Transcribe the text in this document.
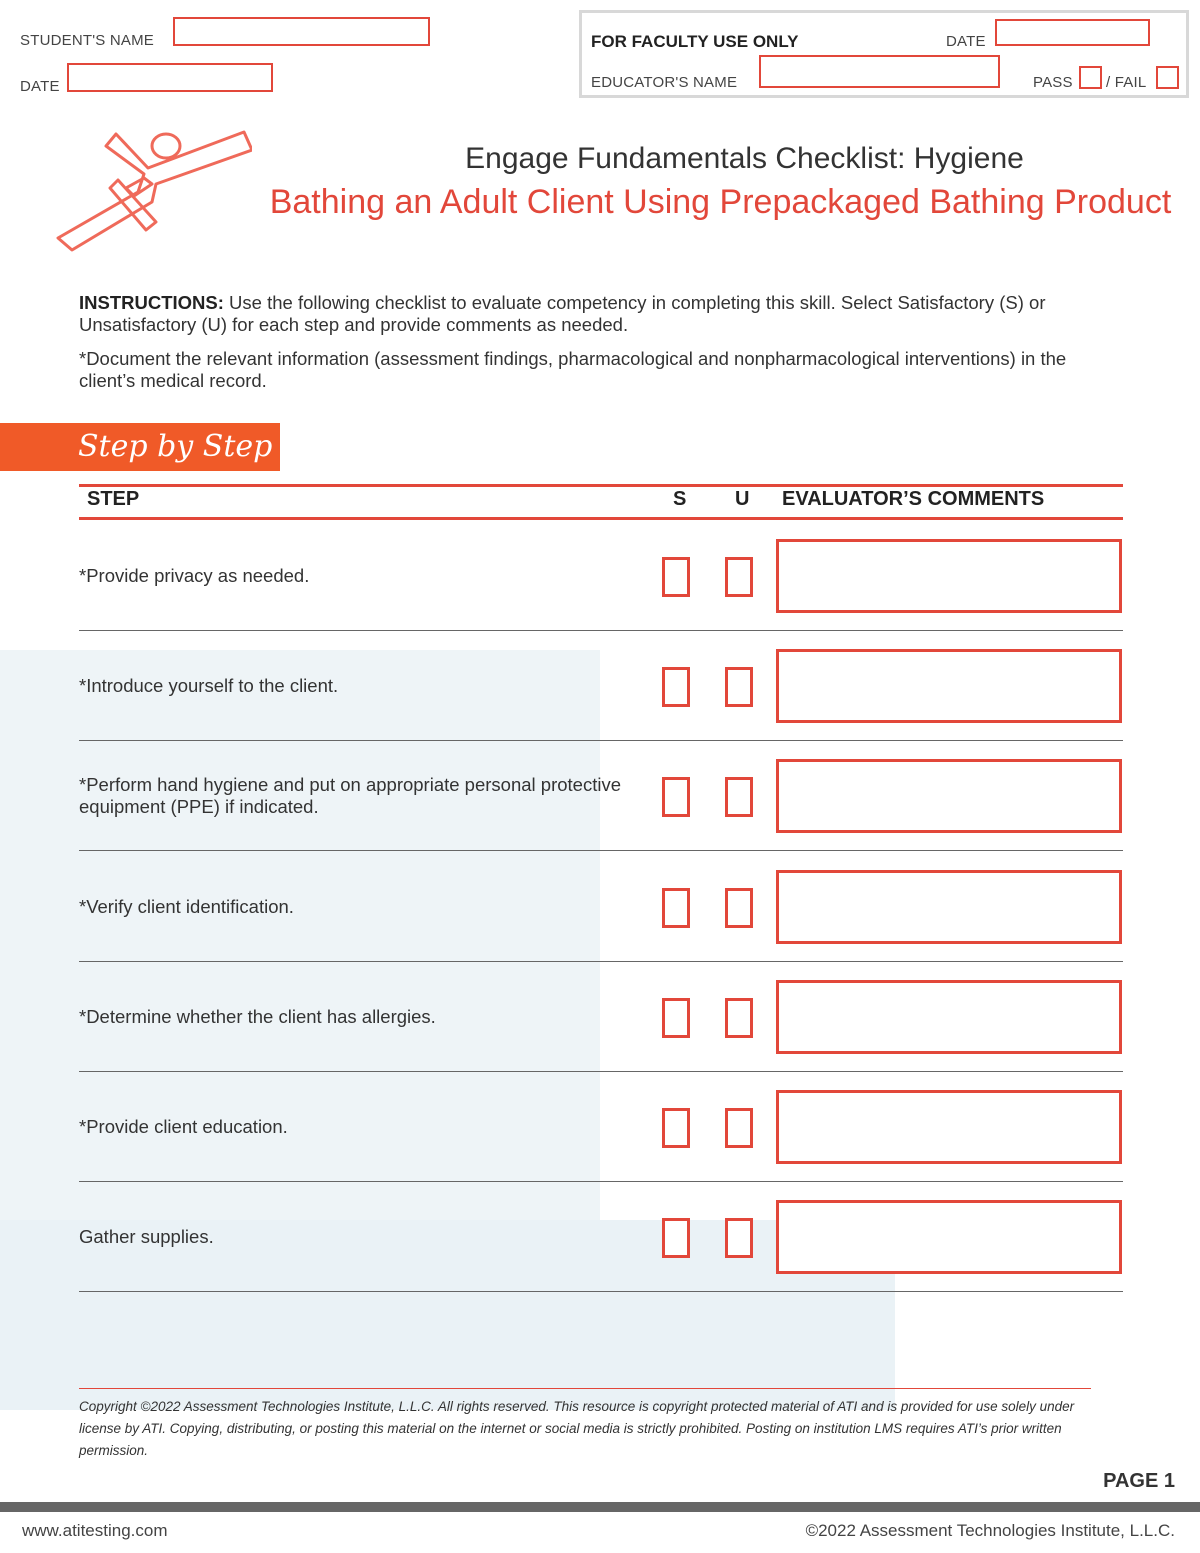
STUDENT'S NAME
DATE
FOR FACULTY USE ONLY	DATE
EDUCATOR'S NAME	PASS / FAIL
Engage Fundamentals Checklist: Hygiene
Bathing an Adult Client Using Prepackaged Bathing Product

INSTRUCTIONS: Use the following checklist to evaluate competency in completing this skill. Select Satisfactory (S) or Unsatisfactory (U) for each step and provide comments as needed.

*Document the relevant information (assessment findings, pharmacological and nonpharmacological interventions) in the client’s medical record.

Step by Step
STEP	S U EVALUATOR’S COMMENTS
*Provide privacy as needed.
*Introduce yourself to the client.
*Perform hand hygiene and put on appropriate personal protective equipment (PPE) if indicated.
*Verify client identification.
*Determine whether the client has allergies.
*Provide client education.
Gather supplies.
Copyright ©2022 Assessment Technologies Institute, L.L.C. All rights reserved. This resource is copyright protected material of ATI and is provided for use solely under license by ATI. Copying, distributing, or posting this material on the internet or social media is strictly prohibited. Posting on institution LMS requires ATI’s prior written permission.
PAGE 1
www.atitesting.com	©2022 Assessment Technologies Institute, L.L.C.
